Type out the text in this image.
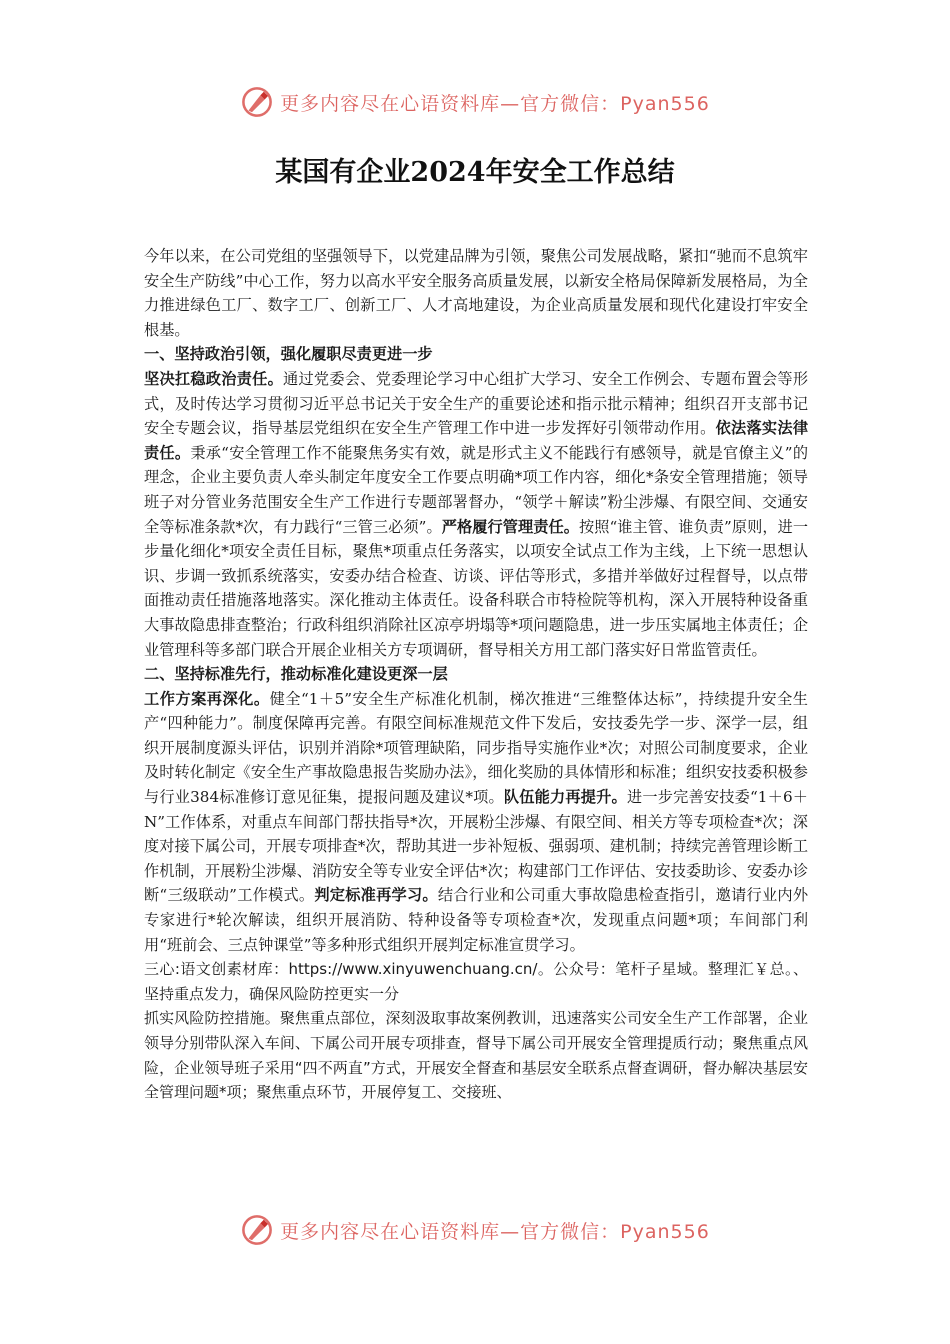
更多内容尽在心语资料库—官方微信：Pyan556
某国有企业2024年安全工作总结

今年以来，在公司党组的坚强领导下，以党建品牌为引领，聚焦公司发展战略，紧扣“驰而不息筑牢安全生产防线”中心工作，努力以高水平安全服务高质量发展，以新安全格局保障新发展格局，为全力推进绿色工厂、数字工厂、创新工厂、人才高地建设，为企业高质量发展和现代化建设打牢安全根基。

一、坚持政治引领，强化履职尽责更进一步

坚决扛稳政治责任。通过党委会、党委理论学习中心组扩大学习、安全工作例会、专题布置会等形式，及时传达学习贯彻习近平总书记关于安全生产的重要论述和指示批示精神；组织召开支部书记安全专题会议，指导基层党组织在安全生产管理工作中进一步发挥好引领带动作用。依法落实法律责任。秉承“安全管理工作不能聚焦务实有效，就是形式主义不能践行有感领导，就是官僚主义”的理念，企业主要负责人牵头制定年度安全工作要点明确*项工作内容，细化*条安全管理措施；领导班子对分管业务范围安全生产工作进行专题部署督办，“领学＋解读”粉尘涉爆、有限空间、交通安全等标准条款*次，有力践行“三管三必须”。严格履行管理责任。按照“谁主管、谁负责”原则，进一步量化细化*项安全责任目标，聚焦*项重点任务落实，以项安全试点工作为主线，上下统一思想认识、步调一致抓系统落实，安委办结合检查、访谈、评估等形式，多措并举做好过程督导，以点带面推动责任措施落地落实。深化推动主体责任。设备科联合市特检院等机构，深入开展特种设备重大事故隐患排查整治；行政科组织消除社区凉亭坍塌等*项问题隐患，进一步压实属地主体责任；企业管理科等多部门联合开展企业相关方专项调研，督导相关方用工部门落实好日常监管责任。

二、坚持标准先行，推动标准化建设更深一层

工作方案再深化。健全“1＋5”安全生产标准化机制，梯次推进“三维整体达标”，持续提升安全生产“四种能力”。制度保障再完善。有限空间标准规范文件下发后，安技委先学一步、深学一层，组织开展制度源头评估，识别并消除*项管理缺陷，同步指导实施作业*次；对照公司制度要求，企业及时转化制定《安全生产事故隐患报告奖励办法》，细化奖励的具体情形和标准；组织安技委积极参与行业384标准修订意见征集，提报问题及建议*项。队伍能力再提升。进一步完善安技委“1＋6＋N”工作体系，对重点车间部门帮扶指导*次，开展粉尘涉爆、有限空间、相关方等专项检查*次；深度对接下属公司，开展专项排查*次，帮助其进一步补短板、强弱项、建机制；持续完善管理诊断工作机制，开展粉尘涉爆、消防安全等专业安全评估*次；构建部门工作评估、安技委助诊、安委办诊断“三级联动”工作模式。判定标准再学习。结合行业和公司重大事故隐患检查指引，邀请行业内外专家进行*轮次解读，组织开展消防、特种设备等专项检查*次，发现重点问题*项；车间部门利用“班前会、三点钟课堂”等多种形式组织开展判定标准宣贯学习。

三心:语文创素材库：https://www.xinyuwenchuang.cn/。公众号：笔杆子星域。整理汇￥总。、坚持重点发力，确保风险防控更实一分

抓实风险防控措施。聚焦重点部位，深刻汲取事故案例教训，迅速落实公司安全生产工作部署，企业领导分别带队深入车间、下属公司开展专项排查，督导下属公司开展安全管理提质行动；聚焦重点风险，企业领导班子采用“四不两直”方式，开展安全督查和基层安全联系点督查调研，督办解决基层安全管理问题*项；聚焦重点环节，开展停复工、交接班、

更多内容尽在心语资料库—官方微信：Pyan556
